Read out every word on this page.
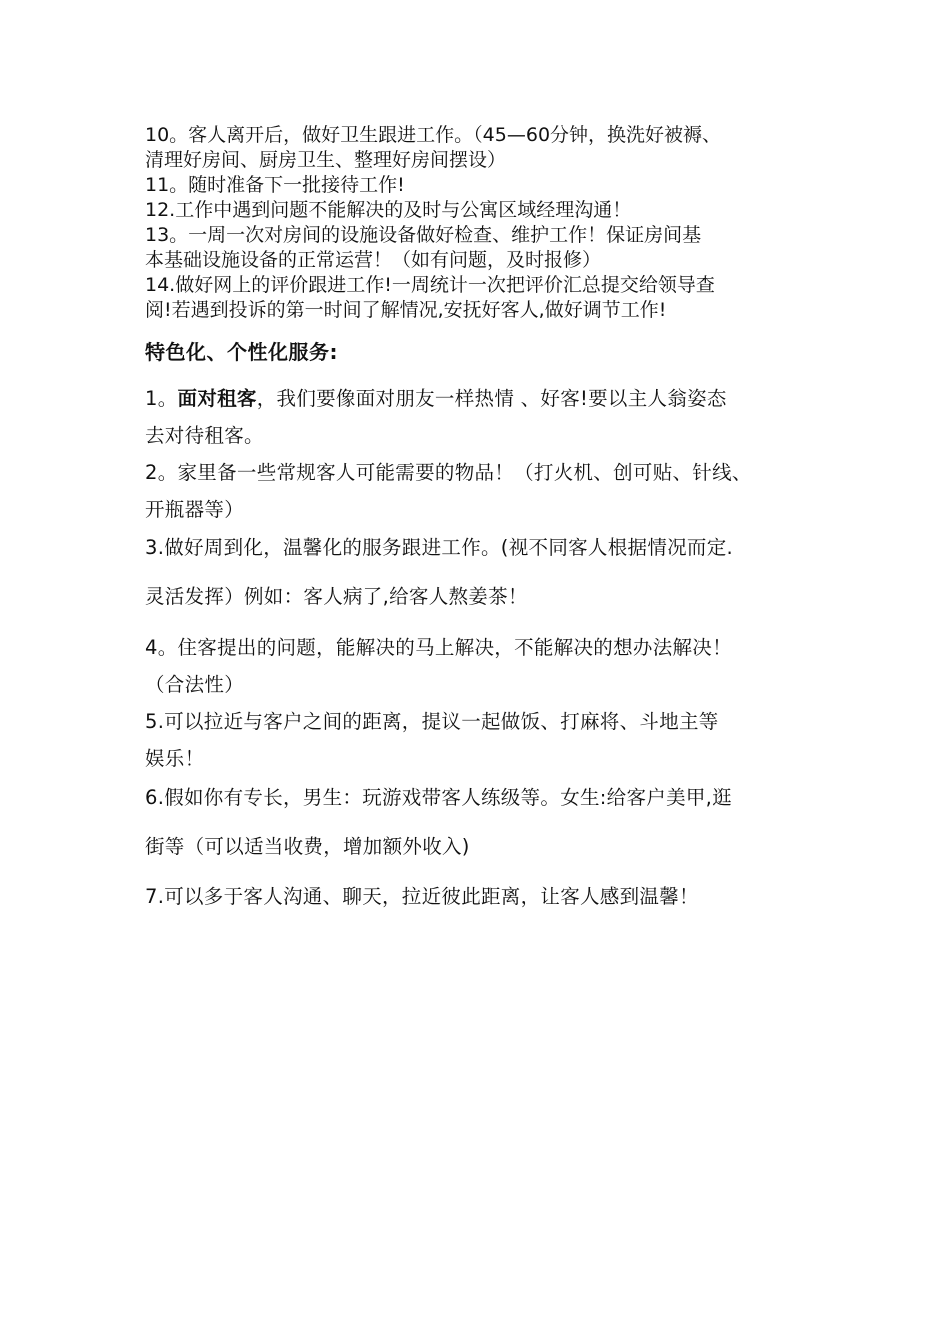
10。客人离开后，做好卫生跟进工作。（45—60分钟，换洗好被褥、
清理好房间、厨房卫生、整理好房间摆设）
11。随时准备下一批接待工作!
12.工作中遇到问题不能解决的及时与公寓区域经理沟通！
13。一周一次对房间的设施设备做好检查、维护工作！保证房间基
本基础设施设备的正常运营！（如有问题，及时报修）
14.做好网上的评价跟进工作!一周统计一次把评价汇总提交给领导查
阅!若遇到投诉的第一时间了解情况,安抚好客人,做好调节工作!
特色化、个性化服务:
1。面对租客，我们要像面对朋友一样热情 、好客!要以主人翁姿态
去对待租客。
2。家里备一些常规客人可能需要的物品！（打火机、创可贴、针线、
开瓶器等）
3.做好周到化，温馨化的服务跟进工作。(视不同客人根据情况而定.
灵活发挥）例如：客人病了,给客人熬姜茶！
4。住客提出的问题，能解决的马上解决，不能解决的想办法解决！
（合法性）
5.可以拉近与客户之间的距离，提议一起做饭、打麻将、斗地主等
娱乐！
6.假如你有专长，男生：玩游戏带客人练级等。女生:给客户美甲,逛
街等（可以适当收费，增加额外收入)
7.可以多于客人沟通、聊天，拉近彼此距离，让客人感到温馨！
